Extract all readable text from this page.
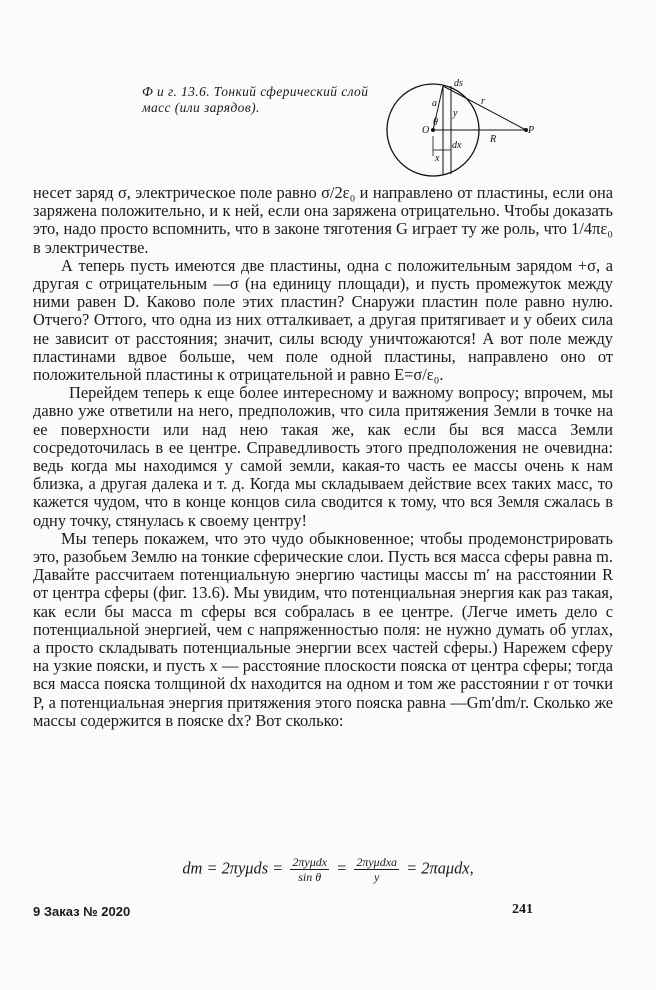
Ф и г. 13.6. Тонкий сферический слой масс (или зарядов).
ds
r
a
θ
y
O	P
R
x
dx

несет заряд σ, электрическое поле равно σ/2ε₀ и направлено от пластины, если она заряжена положительно, и к ней, если она заряжена отрицательно. Чтобы доказать это, надо просто вспомнить, что в законе тяготения G играет ту же роль, что 1/4πε₀ в электричестве.

А теперь пусть имеются две пластины, одна с положительным зарядом +σ, а другая с отрицательным —σ (на единицу площади), и пусть промежуток между ними равен D. Каково поле этих пластин? Снаружи пластин поле равно нулю. Отчего? Оттого, что одна из них отталкивает, а другая притягивает и у обеих сила не зависит от расстояния; значит, силы всюду уничтожаются! А вот поле между пластинами вдвое больше, чем поле одной пластины, направлено оно от положительной пластины к отрицательной и равно E=σ/ε₀.

Перейдем теперь к еще более интересному и важному вопросу; впрочем, мы давно уже ответили на него, предположив, что сила притяжения Земли в точке на ее поверхности или над нею такая же, как если бы вся масса Земли сосредоточилась в ее центре. Справедливость этого предположения не очевидна: ведь когда мы находимся у самой земли, какая-то часть ее массы очень к нам близка, а другая далека и т. д. Когда мы складываем действие всех таких масс, то кажется чудом, что в конце концов сила сводится к тому, что вся Земля сжалась в одну точку, стянулась к своему центру!

Мы теперь покажем, что это чудо обыкновенное; чтобы продемонстрировать это, разобьем Землю на тонкие сферические слои. Пусть вся масса сферы равна m. Давайте рассчитаем потенциальную энергию частицы массы m′ на расстоянии R от центра сферы (фиг. 13.6). Мы увидим, что потенциальная энергия как раз такая, как если бы масса m сферы вся собралась в ее центре. (Легче иметь дело с потенциальной энергией, чем с напряженностью поля: не нужно думать об углах, а просто складывать потенциальные энергии всех частей сферы.) Нарежем сферу на узкие пояски, и пусть x — расстояние плоскости пояска от центра сферы; тогда вся масса пояска толщиной dx находится на одном и том же расстоянии r от точки P, а потенциальная энергия притяжения этого пояска равна —Gm′dm/r. Сколько же массы содержится в пояске dx? Вот сколько:

dm = $2\pi y\mu ds = \frac{\text{2πyμdx}}{\text{sin θ}} = \frac{\text{2πyμdxa}}{y} = 2\pi a\mu dx$,
9 Заказ № 2020	241
